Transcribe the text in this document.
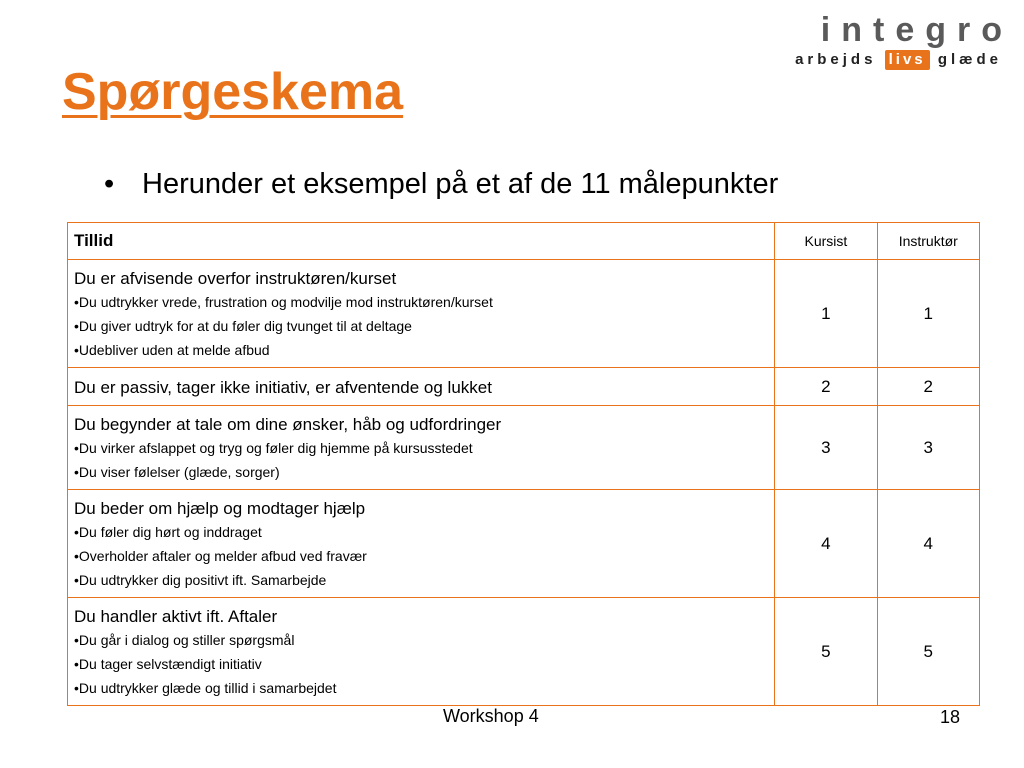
integro
arbejds livs glæde
Spørgeskema
• Herunder et eksempel på et af de 11 målepunkter
Tillid	Kursist	Instruktør

Du er afvisende overfor instruktøren/kurset
•Du udtrykker vrede, frustration og modvilje mod instruktøren/kurset
•Du giver udtryk for at du føler dig tvunget til at deltage
•Udebliver uden at melde afbud	1	1

Du er passiv, tager ikke initiativ, er afventende og lukket	2	2

Du begynder at tale om dine ønsker, håb og udfordringer
•Du virker afslappet og tryg og føler dig hjemme på kursusstedet
•Du viser følelser (glæde, sorger)	3	3

Du beder om hjælp og modtager hjælp
•Du føler dig hørt og inddraget
•Overholder aftaler og melder afbud ved fravær
•Du udtrykker dig positivt ift. Samarbejde	4	4

Du handler aktivt ift. Aftaler
•Du går i dialog og stiller spørgsmål
•Du tager selvstændigt initiativ
•Du udtrykker glæde og tillid i samarbejdet	5	5
Workshop 4	18
